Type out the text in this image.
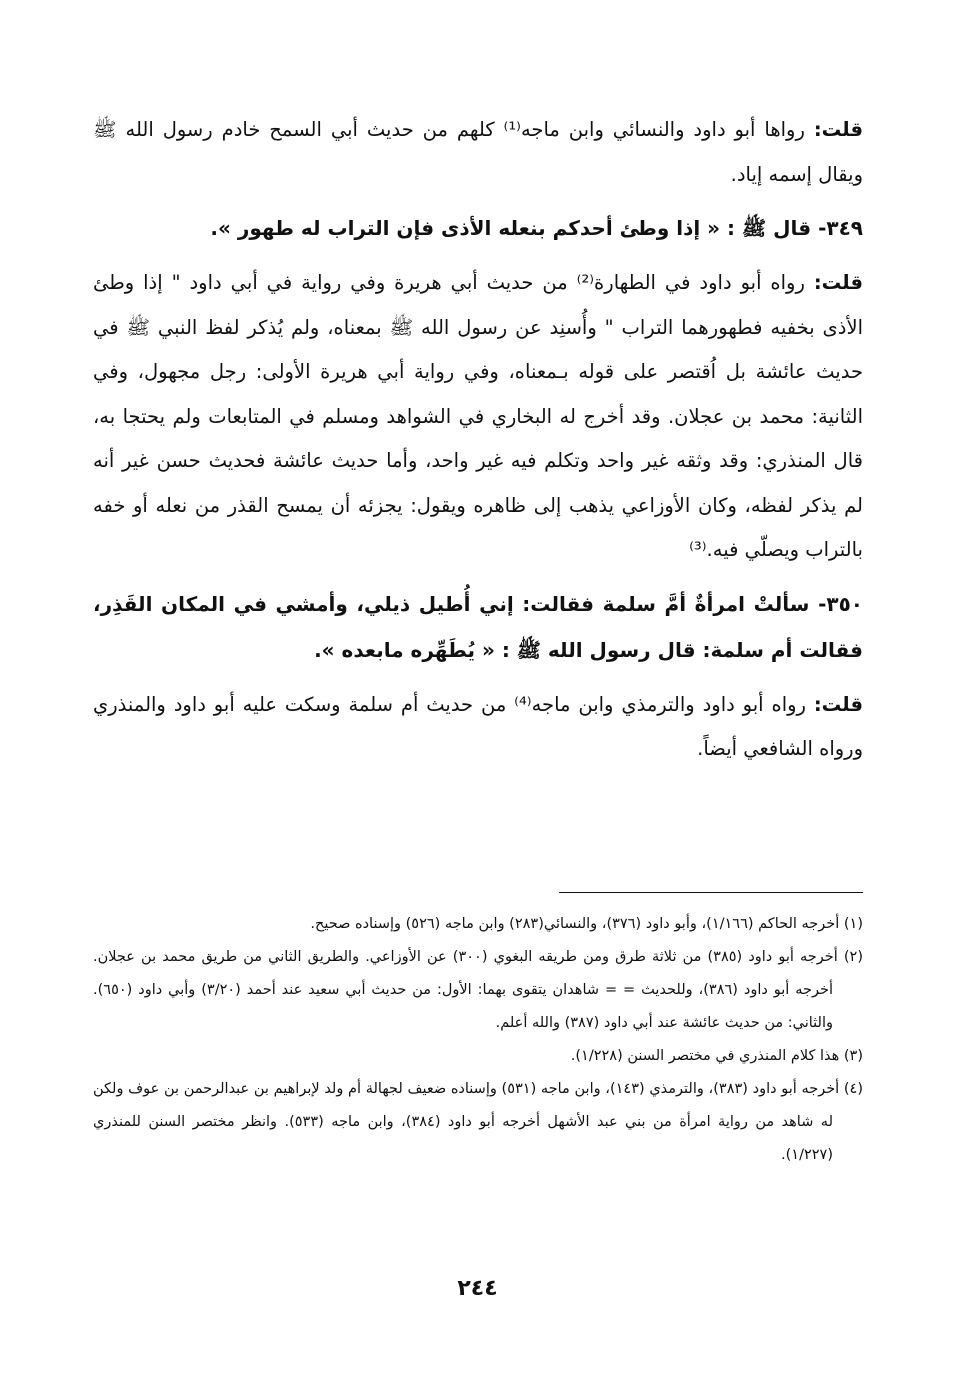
قلت: رواها أبو داود والنسائي وابن ماجه⁽¹⁾ كلهم من حديث أبي السمح خادم رسول الله ﷺ ويقال إسمه إياد.

٣٤٩- قال ﷺ : « إذا وطئ أحدكم بنعله الأذى فإن التراب له طهور ».

قلت: رواه أبو داود في الطهارة⁽²⁾ من حديث أبي هريرة وفي رواية في أبي داود " إذا وطئ الأذى بخفيه فطهورهما التراب " وأُسنِد عن رسول الله ﷺ بمعناه، ولم يُذكر لفظ النبي ﷺ في حديث عائشة بل اُقتصر على قوله بـمعناه، وفي رواية أبي هريرة الأولى: رجل مجهول، وفي الثانية: محمد بن عجلان. وقد أخرج له البخاري في الشواهد ومسلم في المتابعات ولم يحتجا به، قال المنذري: وقد وثقه غير واحد وتكلم فيه غير واحد، وأما حديث عائشة فحديث حسن غير أنه لم يذكر لفظه، وكان الأوزاعي يذهب إلى ظاهره ويقول: يجزئه أن يمسح القذر من نعله أو خفه بالتراب ويصلّي فيه.⁽³⁾

٣٥٠- سألتْ امرأةٌ أمَّ سلمة فقالت: إني أُطيل ذيلي، وأمشي في المكان القَذِر، فقالت أم سلمة: قال رسول الله ﷺ : « يُطَهِّره مابعده ».

قلت: رواه أبو داود والترمذي وابن ماجه⁽⁴⁾ من حديث أم سلمة وسكت عليه أبو داود والمنذري ورواه الشافعي أيضاً.

(١) أخرجه الحاكم (١/١٦٦)، وأبو داود (٣٧٦)، والنسائي(٢٨٣) وابن ماجه (٥٢٦) وإسناده صحيح.

(٢) أخرجه أبو داود (٣٨٥) من ثلاثة طرق ومن طريقه البغوي (٣٠٠) عن الأوزاعي. والطريق الثاني من طريق محمد بن عجلان. أخرجه أبو داود (٣٨٦)، وللحديث = = شاهدان يتقوى بهما: الأول: من حديث أبي سعيد عند أحمد (٣/٢٠) وأبي داود (٦٥٠). والثاني: من حديث عائشة عند أبي داود (٣٨٧) والله أعلم.

(٣) هذا كلام المنذري في مختصر السنن (١/٢٢٨).

(٤) أخرجه أبو داود (٣٨٣)، والترمذي (١٤٣)، وابن ماجه (٥٣١) وإسناده ضعيف لجهالة أم ولد لإبراهيم بن عبدالرحمن بن عوف ولكن له شاهد من رواية امرأة من بني عبد الأشهل أخرجه أبو داود (٣٨٤)، وابن ماجه (٥٣٣). وانظر مختصر السنن للمنذري (١/٢٢٧).

٢٤٤
